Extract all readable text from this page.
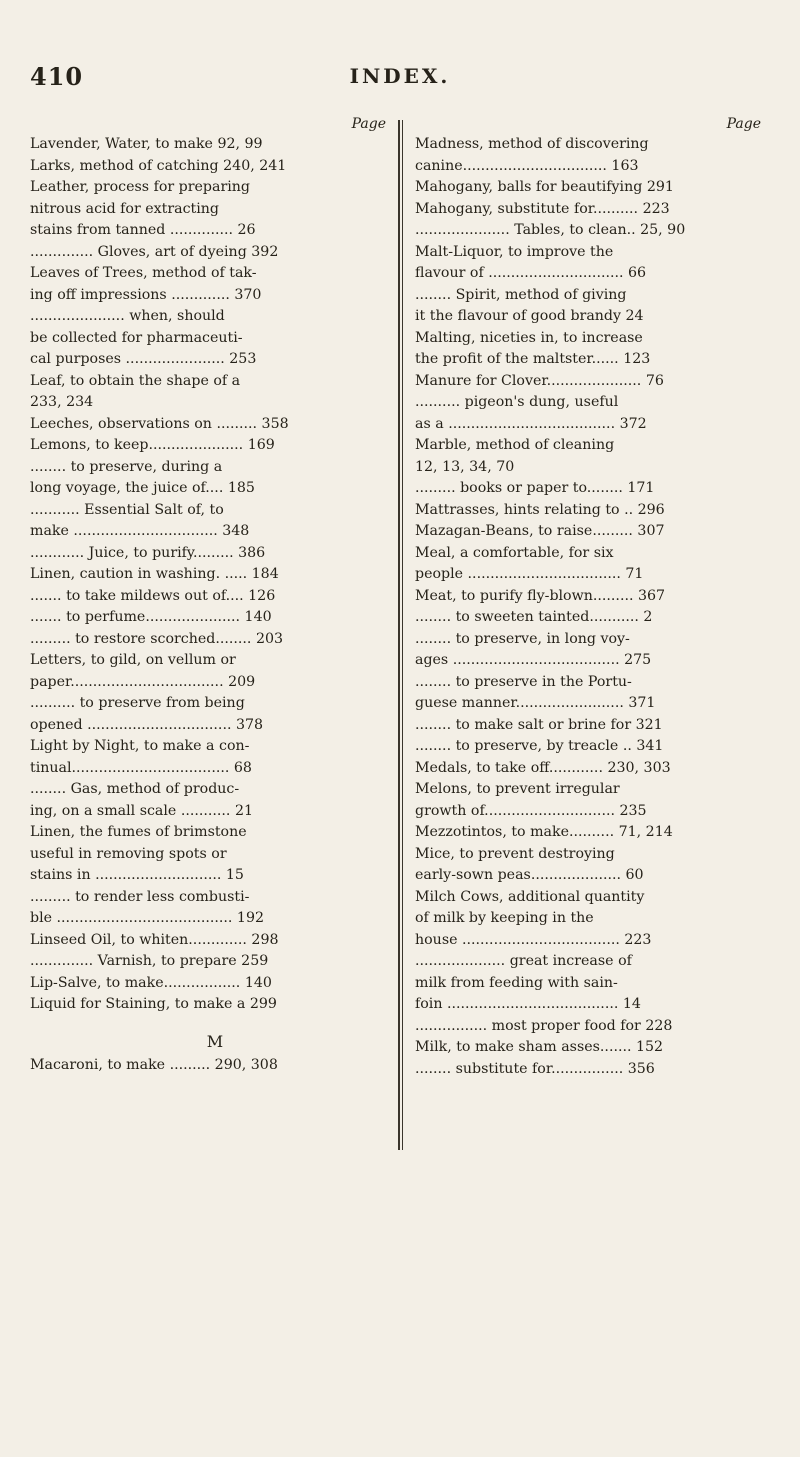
410	INDEX.
Page

Lavender, Water, to make 92, 99

Larks, method of catching 240, 241

Leather, process for preparing

nitrous acid for extracting

stains from tanned .............. 26

.............. Gloves, art of dyeing 392

Leaves of Trees, method of tak-

ing off impressions ............. 370

..................... when, should

be collected for pharmaceuti-

cal purposes ...................... 253

Leaf, to obtain the shape of a

233, 234

Leeches, observations on ......... 358

Lemons, to keep..................... 169

........ to preserve, during a

long voyage, the juice of.... 185

........... Essential Salt of, to

make ................................ 348

............ Juice, to purify......... 386

Linen, caution in washing. ..... 184

....... to take mildews out of.... 126

....... to perfume..................... 140

......... to restore scorched........ 203

Letters, to gild, on vellum or

paper.................................. 209

.......... to preserve from being

opened ................................ 378

Light by Night, to make a con-

tinual................................... 68

........ Gas, method of produc-

ing, on a small scale ........... 21

Linen, the fumes of brimstone

useful in removing spots or

stains in ............................ 15

......... to render less combusti-

ble ....................................... 192

Linseed Oil, to whiten............. 298

.............. Varnish, to prepare 259

Lip-Salve, to make................. 140

Liquid for Staining, to make a 299

M

Macaroni, to make ......... 290, 308

Page

Madness, method of discovering

canine................................ 163

Mahogany, balls for beautifying 291

Mahogany, substitute for.......... 223

..................... Tables, to clean.. 25, 90

Malt-Liquor, to improve the

flavour of .............................. 66

........ Spirit, method of giving

it the flavour of good brandy 24

Malting, niceties in, to increase

the profit of the maltster...... 123

Manure for Clover..................... 76

.......... pigeon's dung, useful

as a ..................................... 372

Marble, method of cleaning

12, 13, 34, 70

......... books or paper to........ 171

Mattrasses, hints relating to .. 296

Mazagan-Beans, to raise......... 307

Meal, a comfortable, for six

people .................................. 71

Meat, to purify fly-blown......... 367

........ to sweeten tainted........... 2

........ to preserve, in long voy-

ages ..................................... 275

........ to preserve in the Portu-

guese manner........................ 371

........ to make salt or brine for 321

........ to preserve, by treacle .. 341

Medals, to take off............ 230, 303

Melons, to prevent irregular

growth of............................. 235

Mezzotintos, to make.......... 71, 214

Mice, to prevent destroying

early-sown peas.................... 60

Milch Cows, additional quantity

of milk by keeping in the

house ................................... 223

.................... great increase of

milk from feeding with sain-

foin ...................................... 14

................ most proper food for 228

Milk, to make sham asses....... 152

........ substitute for................ 356
